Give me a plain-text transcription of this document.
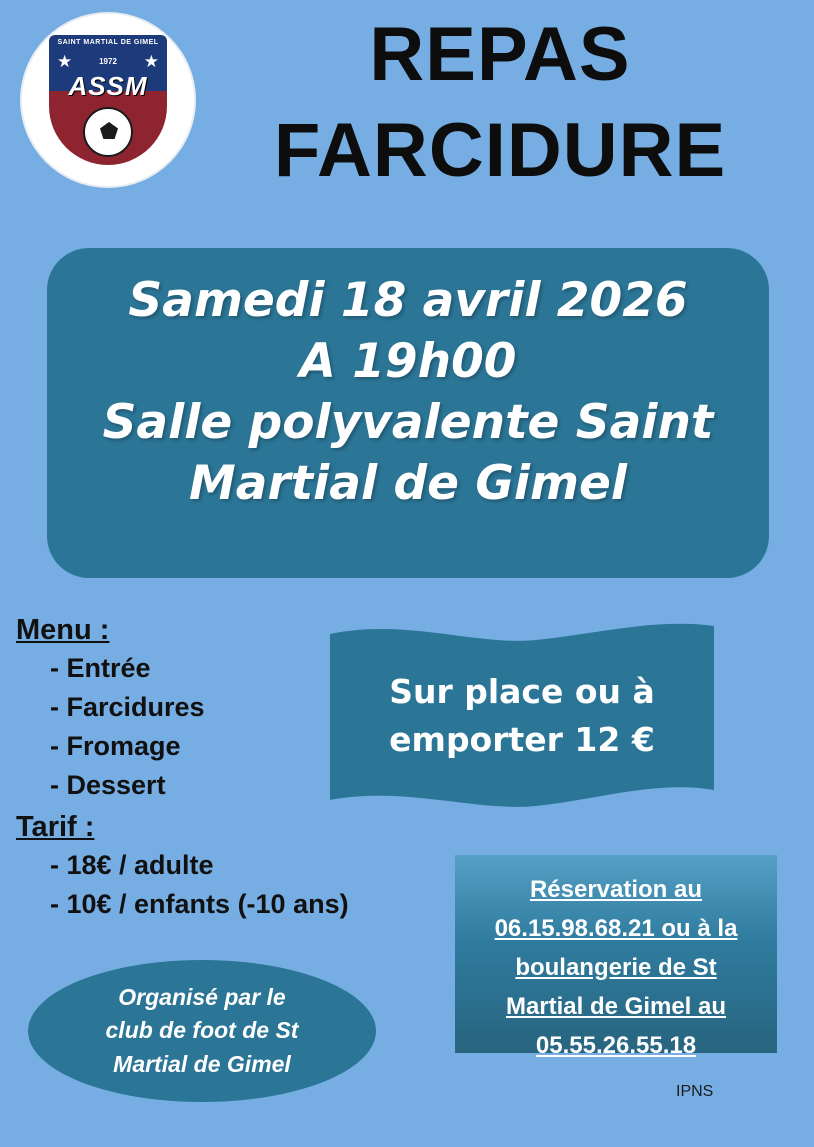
SAINT MARTIAL DE GIMEL
1972
★	★
ASSM	REPAS
FARCIDURE
Samedi 18 avril 2026
A 19h00
Salle polyvalente Saint
Martial de Gimel
Menu :
- Entrée
- Farcidures
- Fromage
- Dessert
Tarif :
- 18€ / adulte
- 10€ / enfants (-10 ans)
Sur place ou à
emporter 12 €
Réservation au
06.15.98.68.21 ou à la
boulangerie de St
Martial de Gimel au
05.55.26.55.18
Organisé par le
club de foot de St
Martial de Gimel
IPNS
